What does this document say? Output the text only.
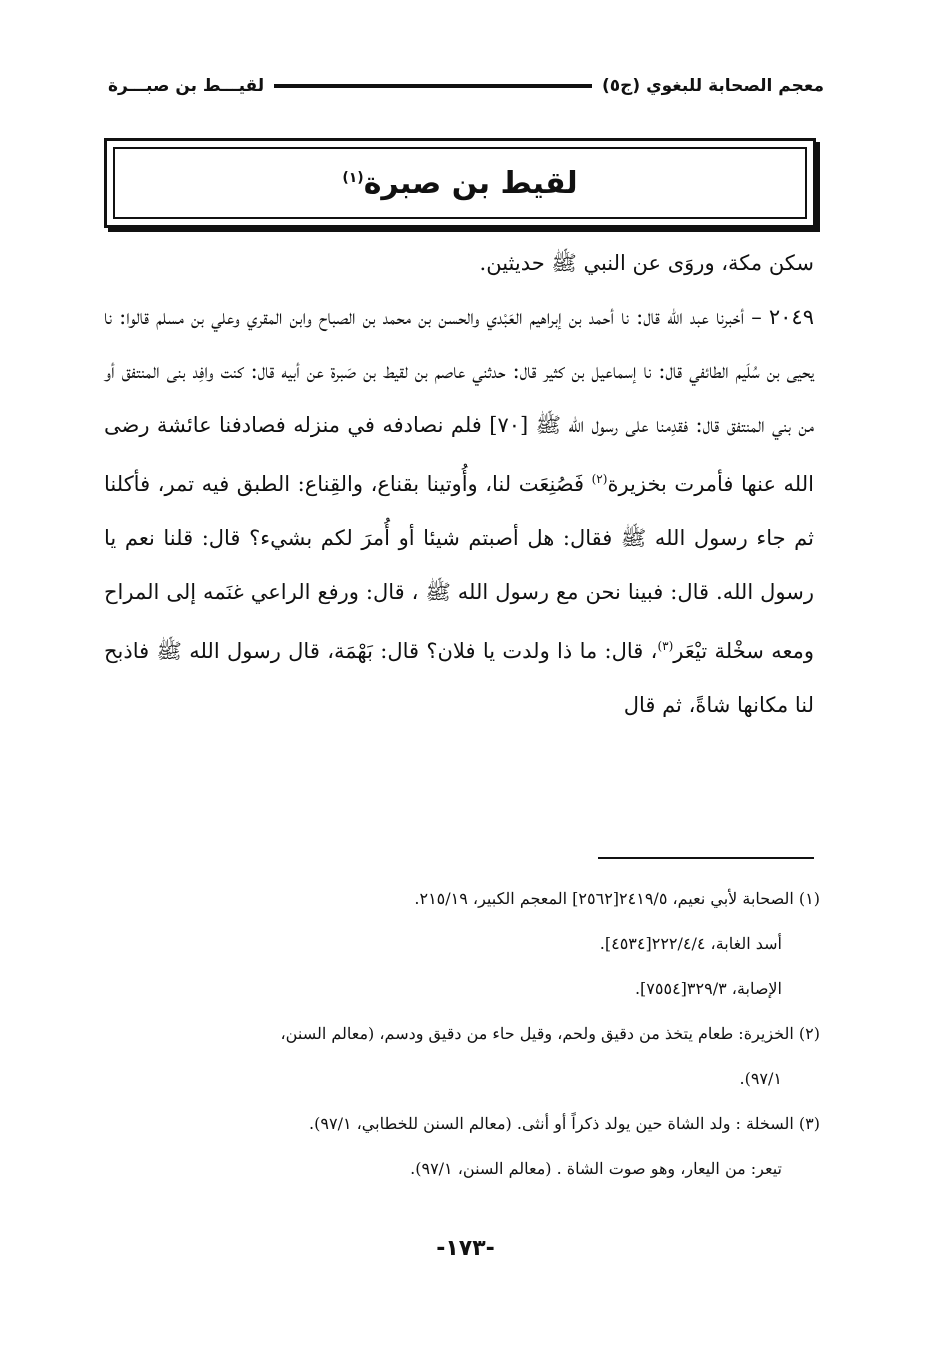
معجم الصحابة للبغوي (ج٥)
لقيـــط بن صبـــرة
لقيط بن صبرة$^{(١)}$

سكن مكة، وروَى عن النبي ﷺ حديثين.

٢٠٤٩ – أخبرنا عبد الله قال: نا أحمد بن إبراهيم العَبْدي والحسن بن محمد بن الصباح وابن المقري وعلي بن مسلم قالوا: نا يحيى بن سُلَيم الطائفي قال: نا إسماعيل بن كثير قال: حدثني عاصم بن لقيط بن صَبرة عن أبيه قال: كنت وافِد بنى المنتفق أو من بني المنتفق قال: فقدِمنا على رسول الله ﷺ [٧٠] فلم نصادفه في منزله فصادفنا عائشة رضى الله عنها فأمرت بخزيرة$^{(٢)}$ فَصُنِعَت لنا، وأُوتينا بقناع، والقِناع: الطبق فيه تمر، فأكلنا ثم جاء رسول الله ﷺ فقال: هل أصبتم شيئا أو أُمرَ لكم بشيء؟ قال: قلنا نعم يا رسول الله. قال: فبينا نحن مع رسول الله ﷺ ، قال: ورفع الراعي غنَمه إلى المراح ومعه سخْلة تيْعَر$^{(٣)}$، قال: ما ذا ولدت يا فلان؟ قال: بَهْمَة، قال رسول الله ﷺ فاذبح لنا مكانها شاةً، ثم قال

(١) الصحابة لأبي نعيم، ٢٤١٩/٥[٢٥٦٢] المعجم الكبير، ٢١٥/١٩.

أسد الغابة، ٢٢٢/٤/٤[٤٥٣٤].

الإصابة، ٣٢٩/٣[٧٥٥٤].

(٢) الخزيرة: طعام يتخذ من دقيق ولحم، وقيل حاء من دقيق ودسم، (معالم السنن،

٩٧/١).

(٣) السخلة : ولد الشاة حين يولد ذكراً أو أنثى. (معالم السنن للخطابي، ٩٧/١).

تيعر: من اليعار، وهو صوت الشاة . (معالم السنن، ٩٧/١).

-١٧٣-
